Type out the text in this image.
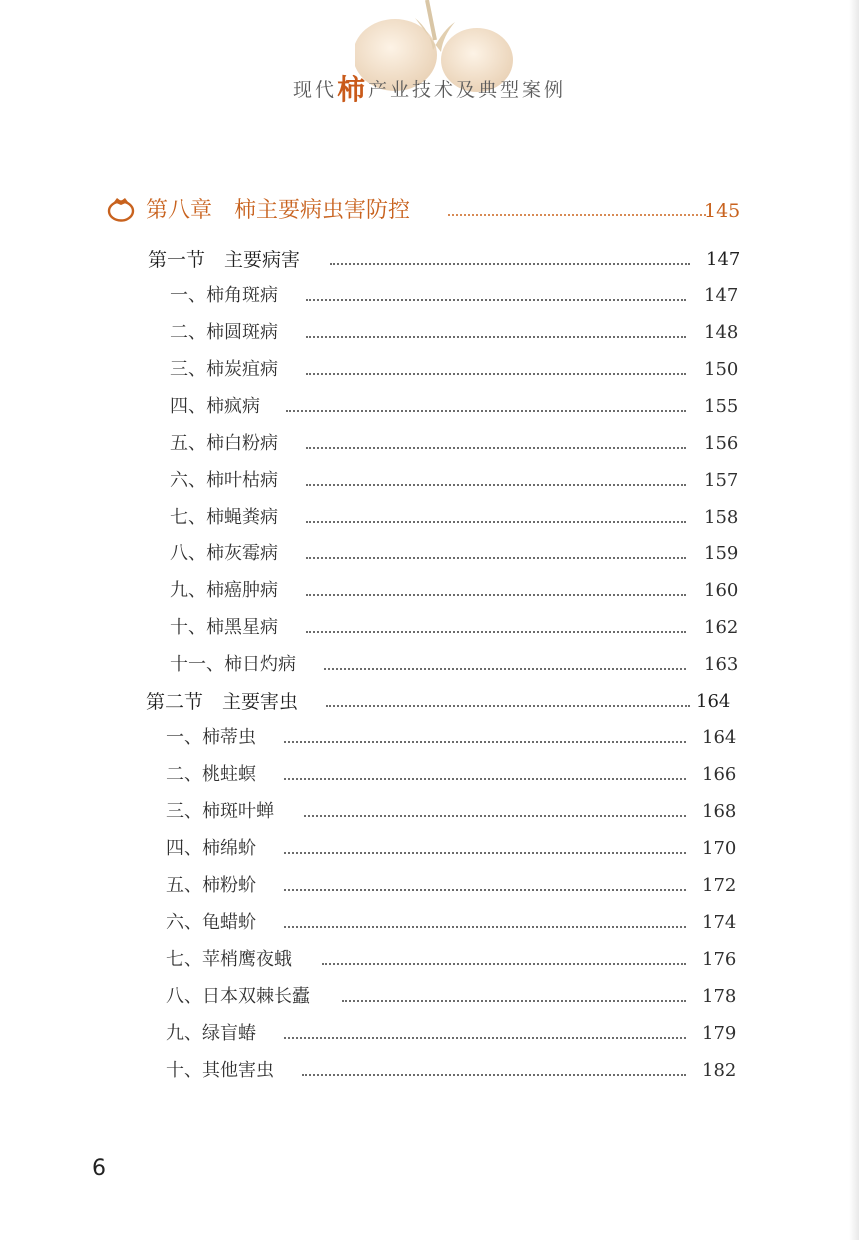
现代柿产业技术及典型案例
第八章　柿主要病虫害防控	145
第一节　主要病害	147
一、柿角斑病	147
二、柿圆斑病	148
三、柿炭疽病	150
四、柿疯病	155
五、柿白粉病	156
六、柿叶枯病	157
七、柿蝇粪病	158
八、柿灰霉病	159
九、柿癌肿病	160
十、柿黑星病	162
十一、柿日灼病	163
第二节　主要害虫	164
一、柿蒂虫	164
二、桃蛀螟	166
三、柿斑叶蝉	168
四、柿绵蚧	170
五、柿粉蚧	172
六、龟蜡蚧	174
七、苹梢鹰夜蛾	176
八、日本双棘长蠹	178
九、绿盲蝽	179
十、其他害虫	182
6
